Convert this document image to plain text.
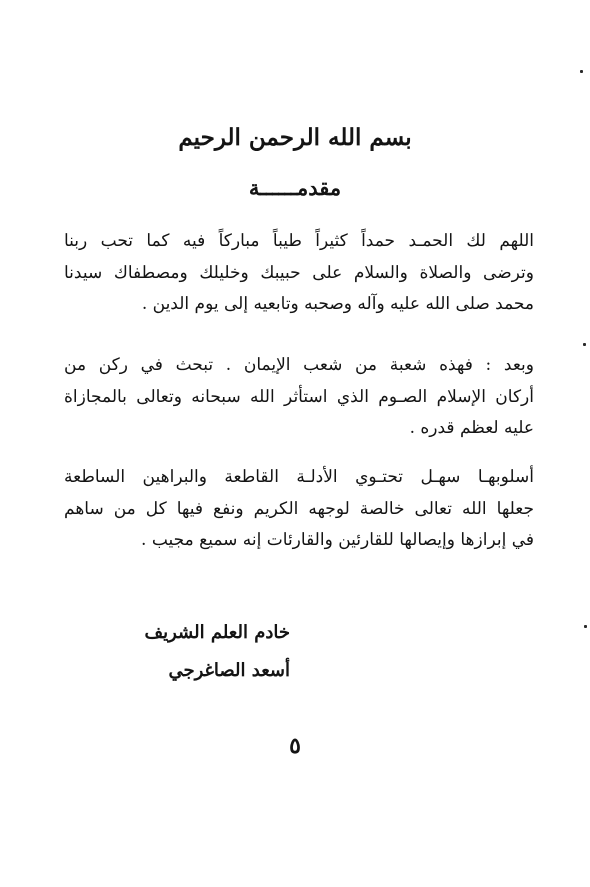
بسم الله الرحمن الرحيم
مقدمــــــة

اللهم لك الحمـد حمداً كثيراً طيباً مباركاً فيه كما تحب ربنا
وترضى والصلاة والسلام على حبيبك وخليلك ومصطفاك سيدنا
محمد صلى الله عليه وآله وصحبه وتابعيه إلى يوم الدين .

وبعد : فهذه شعبة من شعب الإيمان . تبحث في ركن من
أركان الإسلام الصـوم الذي استأثر الله سبحانه وتعالى بالمجازاة
عليه لعظم قدره .

أسلوبهـا سهـل تحتـوي الأدلـة القاطعة والبراهين الساطعة
جعلها الله تعالى خالصة لوجهه الكريم ونفع فيها كل من ساهم
في إبرازها وإيصالها للقارئين والقارئات إنه سميع مجيب .

خادم العلم الشريف

أسعد الصاغرجي

٥
